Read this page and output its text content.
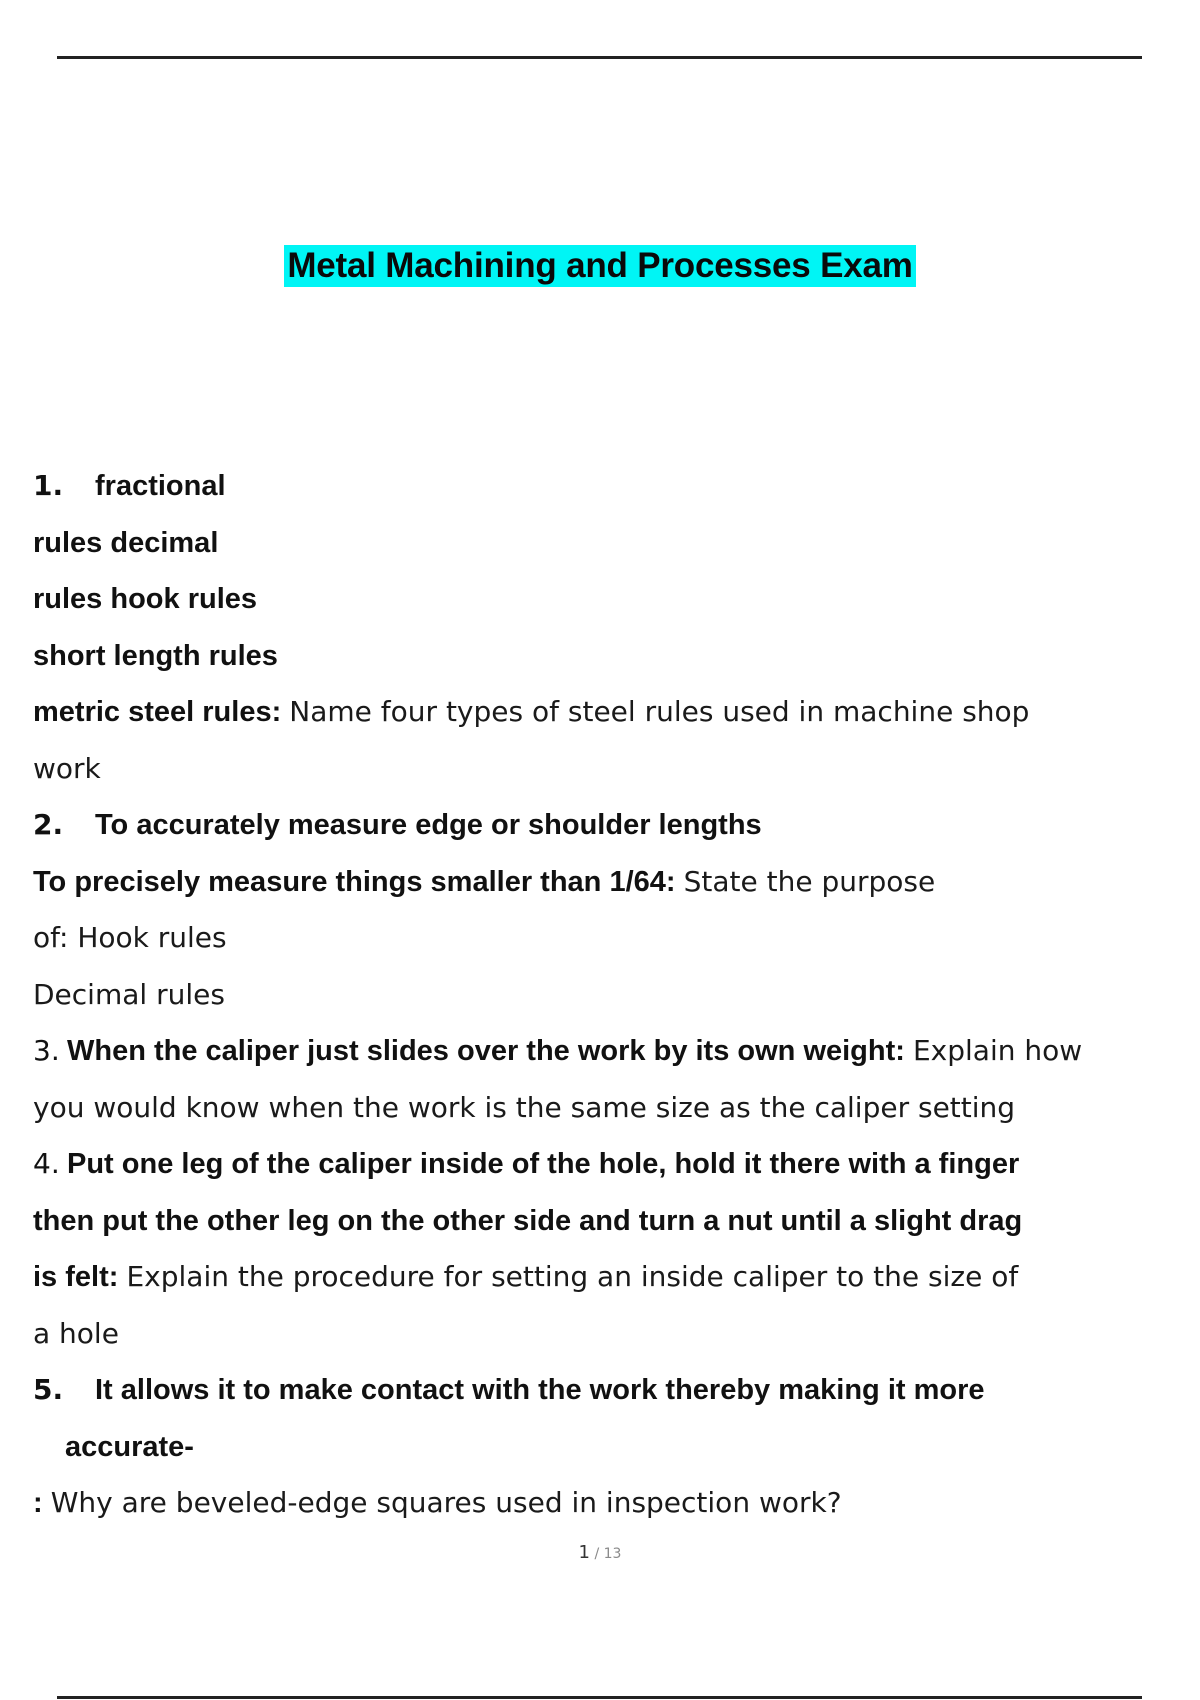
Metal Machining and Processes Exam
1. fractional
rules decimal
rules hook rules
short length rules
metric steel rules: Name four types of steel rules used in machine shop
work
2. To accurately measure edge or shoulder lengths
To precisely measure things smaller than 1/64: State the purpose
of: Hook rules
Decimal rules
3. When the caliper just slides over the work by its own weight: Explain how
you would know when the work is the same size as the caliper setting
4. Put one leg of the caliper inside of the hole, hold it there with a finger
then put the other leg on the other side and turn a nut until a slight drag
is felt: Explain the procedure for setting an inside caliper to the size of
a hole
5. It allows it to make contact with the work thereby making it more
accurate-
: Why are beveled-edge squares used in inspection work?
1 / 13
